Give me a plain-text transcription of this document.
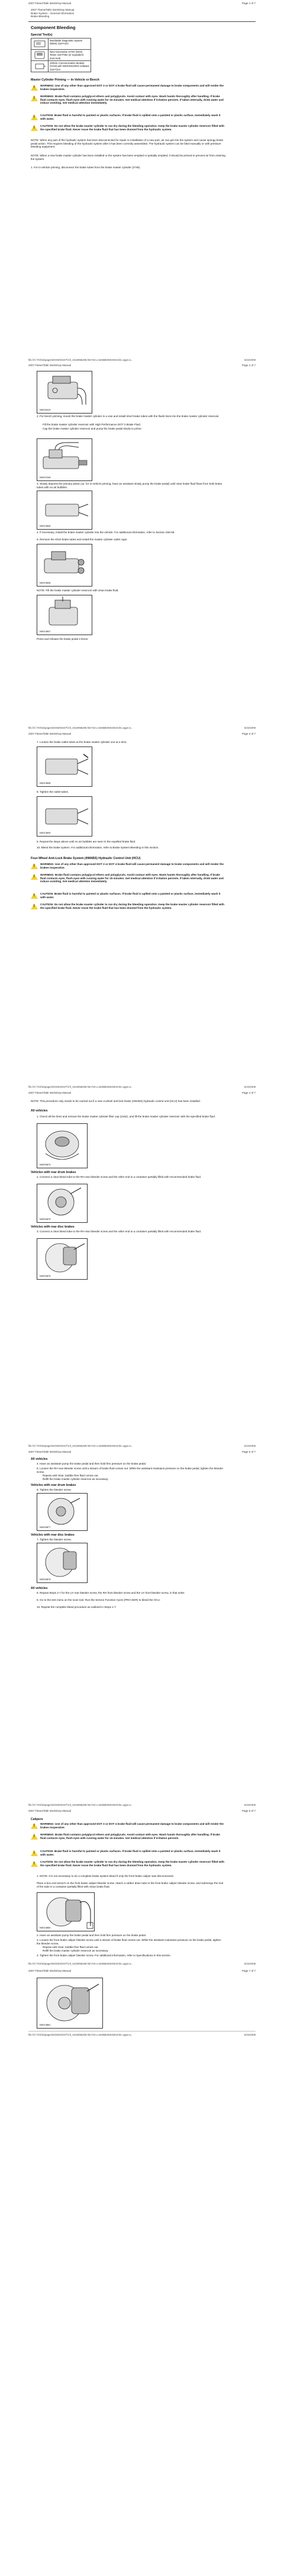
2007 Flame/Taltir Workshop Manual	Page 1 of 7
2007 Flame/Taltir Workshop Manual
Brake System - General Information
Brake Bleeding
Component Bleeding
Special Tool(s)
Worldwide Diagnostic System (WDS) 418-F224
New Generation STAR (NGS) Tester 418-F052 (or equivalent scan tool)
Vehicle Communication Module (VCM) with WDS/NGS/IDS software 418-F224
Master Cylinder Priming — In-Vehicle or Bench
!
WARNING: Use of any other than approved DOT 3 or DOT 4 brake fluid will cause permanent damage to brake components and will render the brakes inoperative.
!
WARNING: Brake fluid contains polyglycol ethers and polyglycols. Avoid contact with eyes. Wash hands thoroughly after handling. If brake fluid contacts eyes, flush eyes with running water for 15 minutes. Get medical attention if irritation persists. If taken internally, drink water and induce vomiting. Get medical attention immediately.
!
CAUTION: Brake fluid is harmful to painted or plastic surfaces. If brake fluid is spilled onto a painted or plastic surface, immediately wash it with water.
!
CAUTION: Do not allow the brake master cylinder to run dry during the bleeding operation. Keep the brake master cylinder reservoir filled with the specified brake fluid. Never reuse the brake fluid that has been drained from the hydraulic system.
NOTE: When any part of the hydraulic system has been disconnected for repair or installation of a new part, air can get into the system and cause spongy brake pedal action. This requires bleeding of the hydraulic system after it has been correctly assembled. The hydraulic system can be bled manually or with pressure bleeding equipment.
NOTE: When a new brake master cylinder has been installed or the system has been emptied or partially emptied, it should be primed to prevent air from entering the system.
1. For in-vehicle priming, disconnect the brake tubes from the brake master cylinder (2746).
file://C:\TIS\tis\pages\EOSEN\SST\Ch_0418056208.htm?vin=r4e5k6k6NSG8r4nlm=ogps-a...	6/24/2009
2007 Flame/Taltir Workshop Manual	Page 2 of 7
N0015419
2. For bench priming, mount the brake master cylinder in a vise and install short brake tubes with the fluids lines into the brake master cylinder reservoir.
Fill the brake master cylinder reservoir with High Performance DOT 3 Brake Fluid.
Cap the brake master cylinder reservoir and pump the brake pedal slowly to prime.
N0021346
3. Slowly depress the primary piston (or, for in-vehicle priming, have an assistant slowly pump the brake pedal) until clear brake fluid flows from both brake tubes with no air bubbles.
N0013845
4. If necessary, install the brake master cylinder into the vehicle. For additional information, refer to Section 206-06.
5. Remove the short brake tubes and install the master cylinder outlet caps.
N0013846
NOTE: Fill the brake master cylinder reservoir with clean brake fluid.
N0013847
Press and release the brake pedal 4 times.
file://C:\TIS\tis\pages\EOSEN\SST\Ch_0418056208.htm?vin=r4e5k6k6NSG8r4nlm=ogps-a...	6/24/2009
2007 Flame/Taltir Workshop Manual	Page 3 of 7
7. Loosen the brake outlet tubes at the brake master cylinder one at a time.
N0013848
8. Tighten the outlet tubes.
N0013849
9. Repeat the steps above until no air bubbles are seen in the expelled brake fluid.
10. Bleed the brake system. For additional information, refer to Brake System Bleeding in this section.
Four-Wheel Anti-Lock Brake System (4WABS) Hydraulic Control Unit (HCU)
!
WARNING: Use of any other than approved DOT 3 or DOT 4 brake fluid will cause permanent damage to brake components and will render the brakes inoperative.
!
WARNING: Brake fluid contains polyglycol ethers and polyglycols. Avoid contact with eyes. Wash hands thoroughly after handling. If brake fluid contacts eyes, flush eyes with running water for 15 minutes. Get medical attention if irritation persists. If taken internally, drink water and induce vomiting. Get medical attention immediately.
!
CAUTION: Brake fluid is harmful to painted or plastic surfaces. If brake fluid is spilled onto a painted or plastic surface, immediately wash it with water.
!
CAUTION: Do not allow the brake master cylinder to run dry during the bleeding operation. Keep the brake master cylinder reservoir filled with the specified brake fluid. Never reuse the brake fluid that has been drained from the hydraulic system.
file://C:\TIS\tis\pages\EOSEN\SST\Ch_0418056208.htm?vin=r4e5k6k6NSG8r4nlm=ogps-a...	6/24/2009
2007 Flame/Taltir Workshop Manual	Page 4 of 7
NOTE: This procedure only needs to be carried out if a new 4-wheel anti-lock brake (4WABS) hydraulic control unit (HCU) has been installed.
All vehicles
1. Check all the lines and remove the brake master cylinder filter cap (2162), and fill the brake master cylinder reservoir with the specified brake fluid.
N0003874
Vehicles with rear drum brakes
2. Connect a clear bleed tube to the RH rear bleeder screw and the other end to a container partially filled with recommended brake fluid.
N0003875
Vehicles with rear disc brakes
3. Connect a clear bleed tube to the RH rear bleeder screw and the other end to a container partially filled with recommended brake fluid.
N0003876
file://C:\TIS\tis\pages\EOSEN\SST\Ch_0418056208.htm?vin=r4e5k6k6NSG8r4nlm=ogps-a...	6/24/2009
2007 Flame/Taltir Workshop Manual	Page 5 of 7
All vehicles
4. Have an assistant pump the brake pedal and then hold firm pressure on the brake pedal.
5. Loosen the RH rear bleeder screw until a stream of brake fluid comes out. While the assistant maintains pressure on the brake pedal, tighten the bleeder screw.
Repeat until clear, bubble-free fluid comes out.
Refill the brake master cylinder reservoir as necessary.
Vehicles with rear drum brakes
6. Tighten the bleeder screw.
N0003877
Vehicles with rear disc brakes
7. Tighten the bleeder screw.
N0003878
All vehicles
8. Repeat Steps 2-7 for the LH rear bleeder screw, the RH front bleeder screw and the LH front bleeder screw, in that order.
9. Go to the test menu on the scan tool. Run the Service Function Cycle (PRO-SER) to bleed the HCU.
10. Repeat the complete bleed procedure as outlined in Steps 1-7.
file://C:\TIS\tis\pages\EOSEN\SST\Ch_0418056208.htm?vin=r4e5k6k6NSG8r4nlm=ogps-a...	6/24/2009
2007 Flame/Taltir Workshop Manual	Page 6 of 7
Calipers
!
WARNING: Use of any other than approved DOT 3 or DOT 4 brake fluid will cause permanent damage to brake components and will render the brakes inoperative.
!
WARNING: Brake fluid contains polyglycol ethers and polyglycols. Avoid contact with eyes. Wash hands thoroughly after handling. If brake fluid contacts eyes, flush eyes with running water for 15 minutes. Get medical attention if irritation persists.
!
CAUTION: Brake fluid is harmful to painted or plastic surfaces. If brake fluid is spilled onto a painted or plastic surface, immediately wash it with water.
!
CAUTION: Do not allow the brake master cylinder to run dry during the bleeding operation. Keep the brake master cylinder reservoir filled with the specified brake fluid. Never reuse the brake fluid that has been drained from the hydraulic system.
1. NOTE: It is not necessary to do a complete brake system bleed if only the front brake caliper was disconnected.
Place a box end wrench on the front brake caliper bleeder screw. Attach a rubber drain tube to the front brake caliper bleeder screw, and submerge the end of the tube in a container partially filled with clean brake fluid.
N0013850
2. Have an assistant pump the brake pedal and then hold firm pressure on the brake pedal.
3. Loosen the front brake caliper bleeder screw until a stream of brake fluid comes out. While the assistant maintains pressure on the brake pedal, tighten the bleeder screw.
Repeat until clear, bubble-free fluid comes out.
Refill the brake master cylinder reservoir as necessary.
4. Tighten the front brake caliper bleeder screw. For additional information, refer to Specifications in this section.
file://C:\TIS\tis\pages\EOSEN\SST\Ch_0418056208.htm?vin=r4e5k6k6NSG8r4nlm=ogps-a...	6/24/2009
2007 Flame/Taltir Workshop Manual	Page 7 of 7
N0013851
file://C:\TIS\tis\pages\EOSEN\SST\Ch_0418056208.htm?vin=r4e5k6k6NSG8r4nlm=ogps-a...	6/24/2009
